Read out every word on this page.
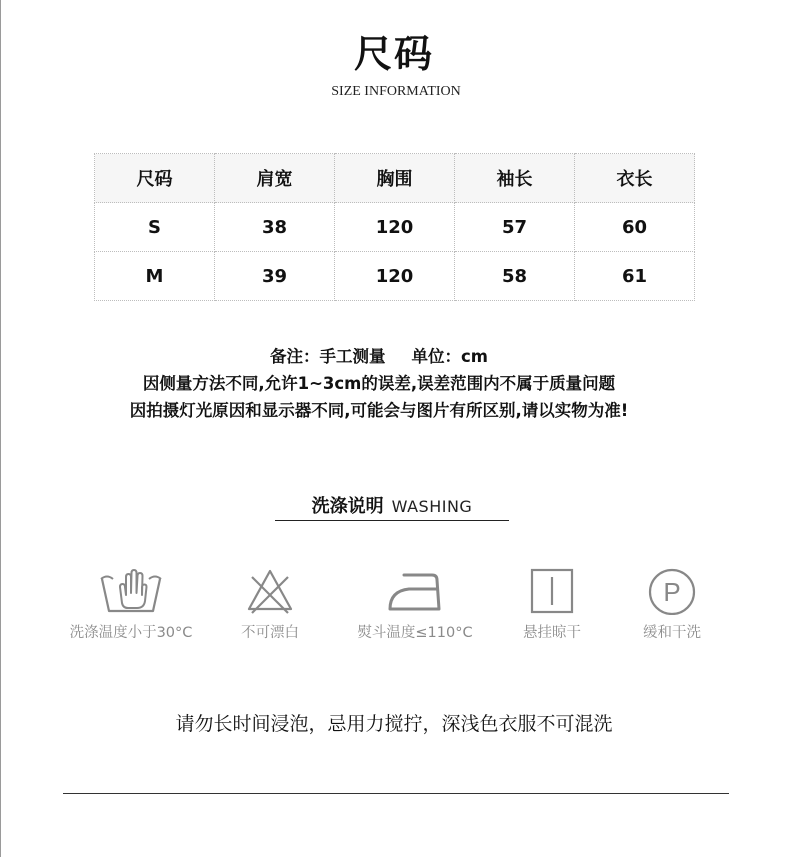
尺码
SIZE INFORMATION
尺码	肩宽	胸围	袖长	衣长
S	38	120	57	60
M	39	120	58	61
备注：手工测量 单位：cm
因侧量方法不同,允许1~3cm的误差,误差范围内不属于质量问题
因拍摄灯光原因和显示器不同,可能会与图片有所区别,请以实物为准!
洗涤说明 WASHING
洗涤温度小于30°C	不可漂白	熨斗温度≤110°C	悬挂晾干
P
缓和干洗
请勿长时间浸泡，忌用力搅拧，深浅色衣服不可混洗
